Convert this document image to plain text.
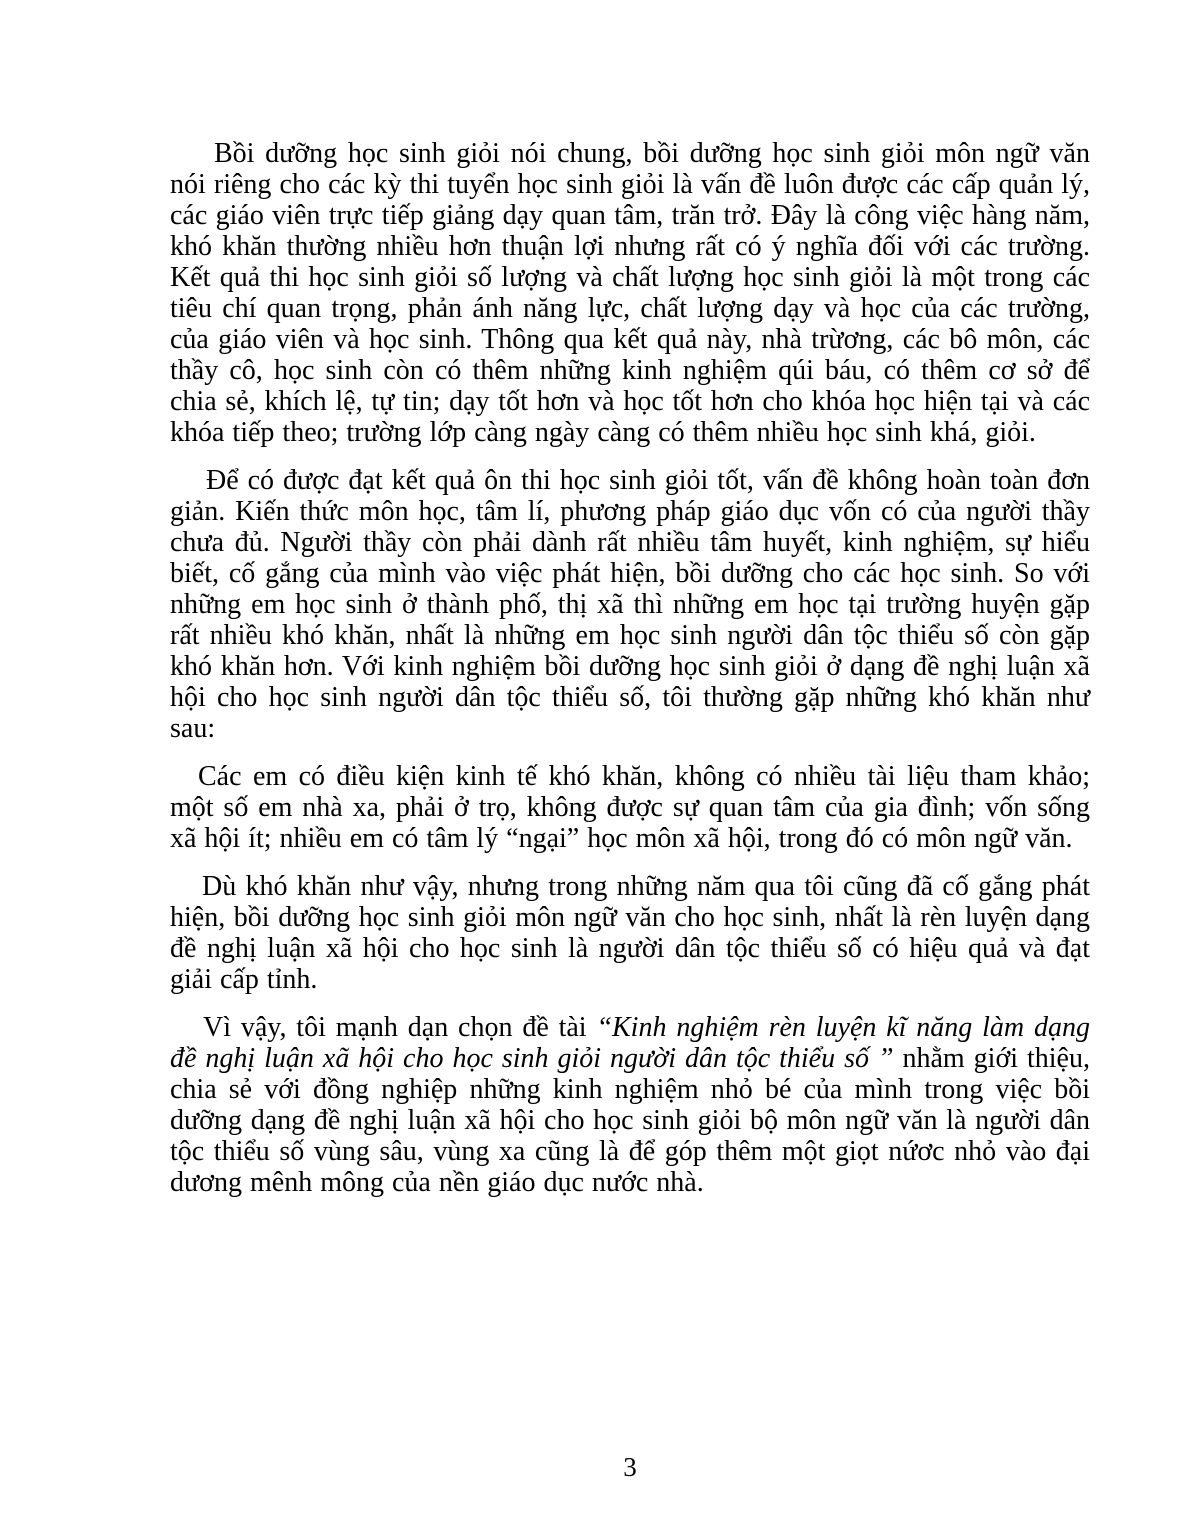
Bồi dưỡng học sinh giỏi nói chung, bồi dưỡng học sinh giỏi môn ngữ văn nói riêng cho các kỳ thi tuyển học sinh giỏi là vấn đề luôn được các cấp quản lý, các giáo viên trực tiếp giảng dạy quan tâm, trăn trở. Đây là công việc hàng năm, khó khăn thường nhiều hơn thuận lợi nhưng rất có ý nghĩa đối với các trường. Kết quả thi học sinh giỏi số lượng và chất lượng học sinh giỏi là một trong các tiêu chí quan trọng, phản ánh năng lực, chất lượng dạy và học của các trường, của giáo viên và học sinh. Thông qua kết quả này, nhà trừơng, các bô môn, các thầy cô, học sinh còn có thêm những kinh nghiệm qúi báu, có thêm cơ sở để chia sẻ, khích lệ, tự tin; dạy tốt hơn và học tốt hơn cho khóa học hiện tại và các khóa tiếp theo; trường lớp càng ngày càng có thêm nhiều học sinh khá, giỏi.

Để có được đạt kết quả ôn thi học sinh giỏi tốt, vấn đề không hoàn toàn đơn giản. Kiến thức môn học, tâm lí, phương pháp giáo dục vốn có của người thầy chưa đủ. Người thầy còn phải dành rất nhiều tâm huyết, kinh nghiệm, sự hiểu biết, cố gắng của mình vào việc phát hiện, bồi dưỡng cho các học sinh. So với những em học sinh ở thành phố, thị xã thì những em học tại trường huyện gặp rất nhiều khó khăn, nhất là những em học sinh người dân tộc thiểu số còn gặp khó khăn hơn. Với kinh nghiệm bồi dưỡng học sinh giỏi ở dạng đề nghị luận xã hội cho học sinh người dân tộc thiểu số, tôi thường gặp những khó khăn như sau:

Các em có điều kiện kinh tế khó khăn, không có nhiều tài liệu tham khảo; một số em nhà xa, phải ở trọ, không được sự quan tâm của gia đình; vốn sống xã hội ít; nhiều em có tâm lý “ngại” học môn xã hội, trong đó có môn ngữ văn.

Dù khó khăn như vậy, nhưng trong những năm qua tôi cũng đã cố gắng phát hiện, bồi dưỡng học sinh giỏi môn ngữ văn cho học sinh, nhất là rèn luyện dạng đề nghị luận xã hội cho học sinh là người dân tộc thiểu số có hiệu quả và đạt giải cấp tỉnh.

Vì vậy, tôi mạnh dạn chọn đề tài “Kinh nghiệm rèn luyện kĩ năng làm dạng đề nghị luận xã hội cho học sinh giỏi người dân tộc thiểu số ” nhằm giới thiệu, chia sẻ với đồng nghiệp những kinh nghiệm nhỏ bé của mình trong việc bồi dưỡng dạng đề nghị luận xã hội cho học sinh giỏi bộ môn ngữ văn là người dân tộc thiểu số vùng sâu, vùng xa cũng là để góp thêm một giọt nứơc nhỏ vào đại dương mênh mông của nền giáo dục nước nhà.

3
